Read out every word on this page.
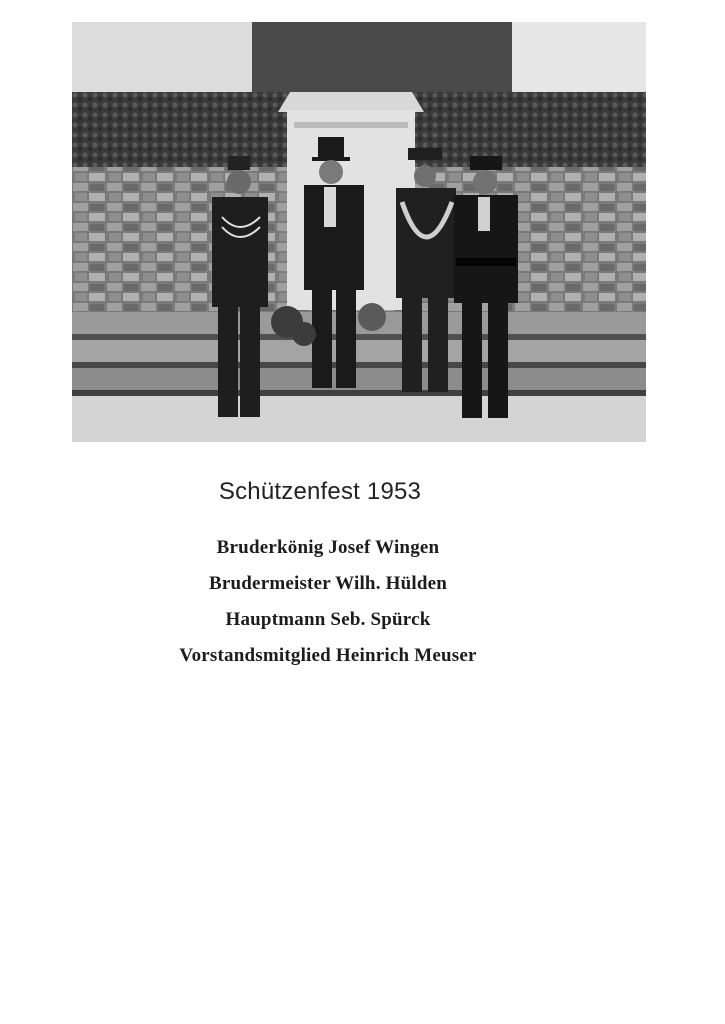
Schützenfest 1953
Bruderkönig Josef Wingen
Brudermeister Wilh. Hülden
Hauptmann Seb. Spürck
Vorstandsmitglied Heinrich Meuser
